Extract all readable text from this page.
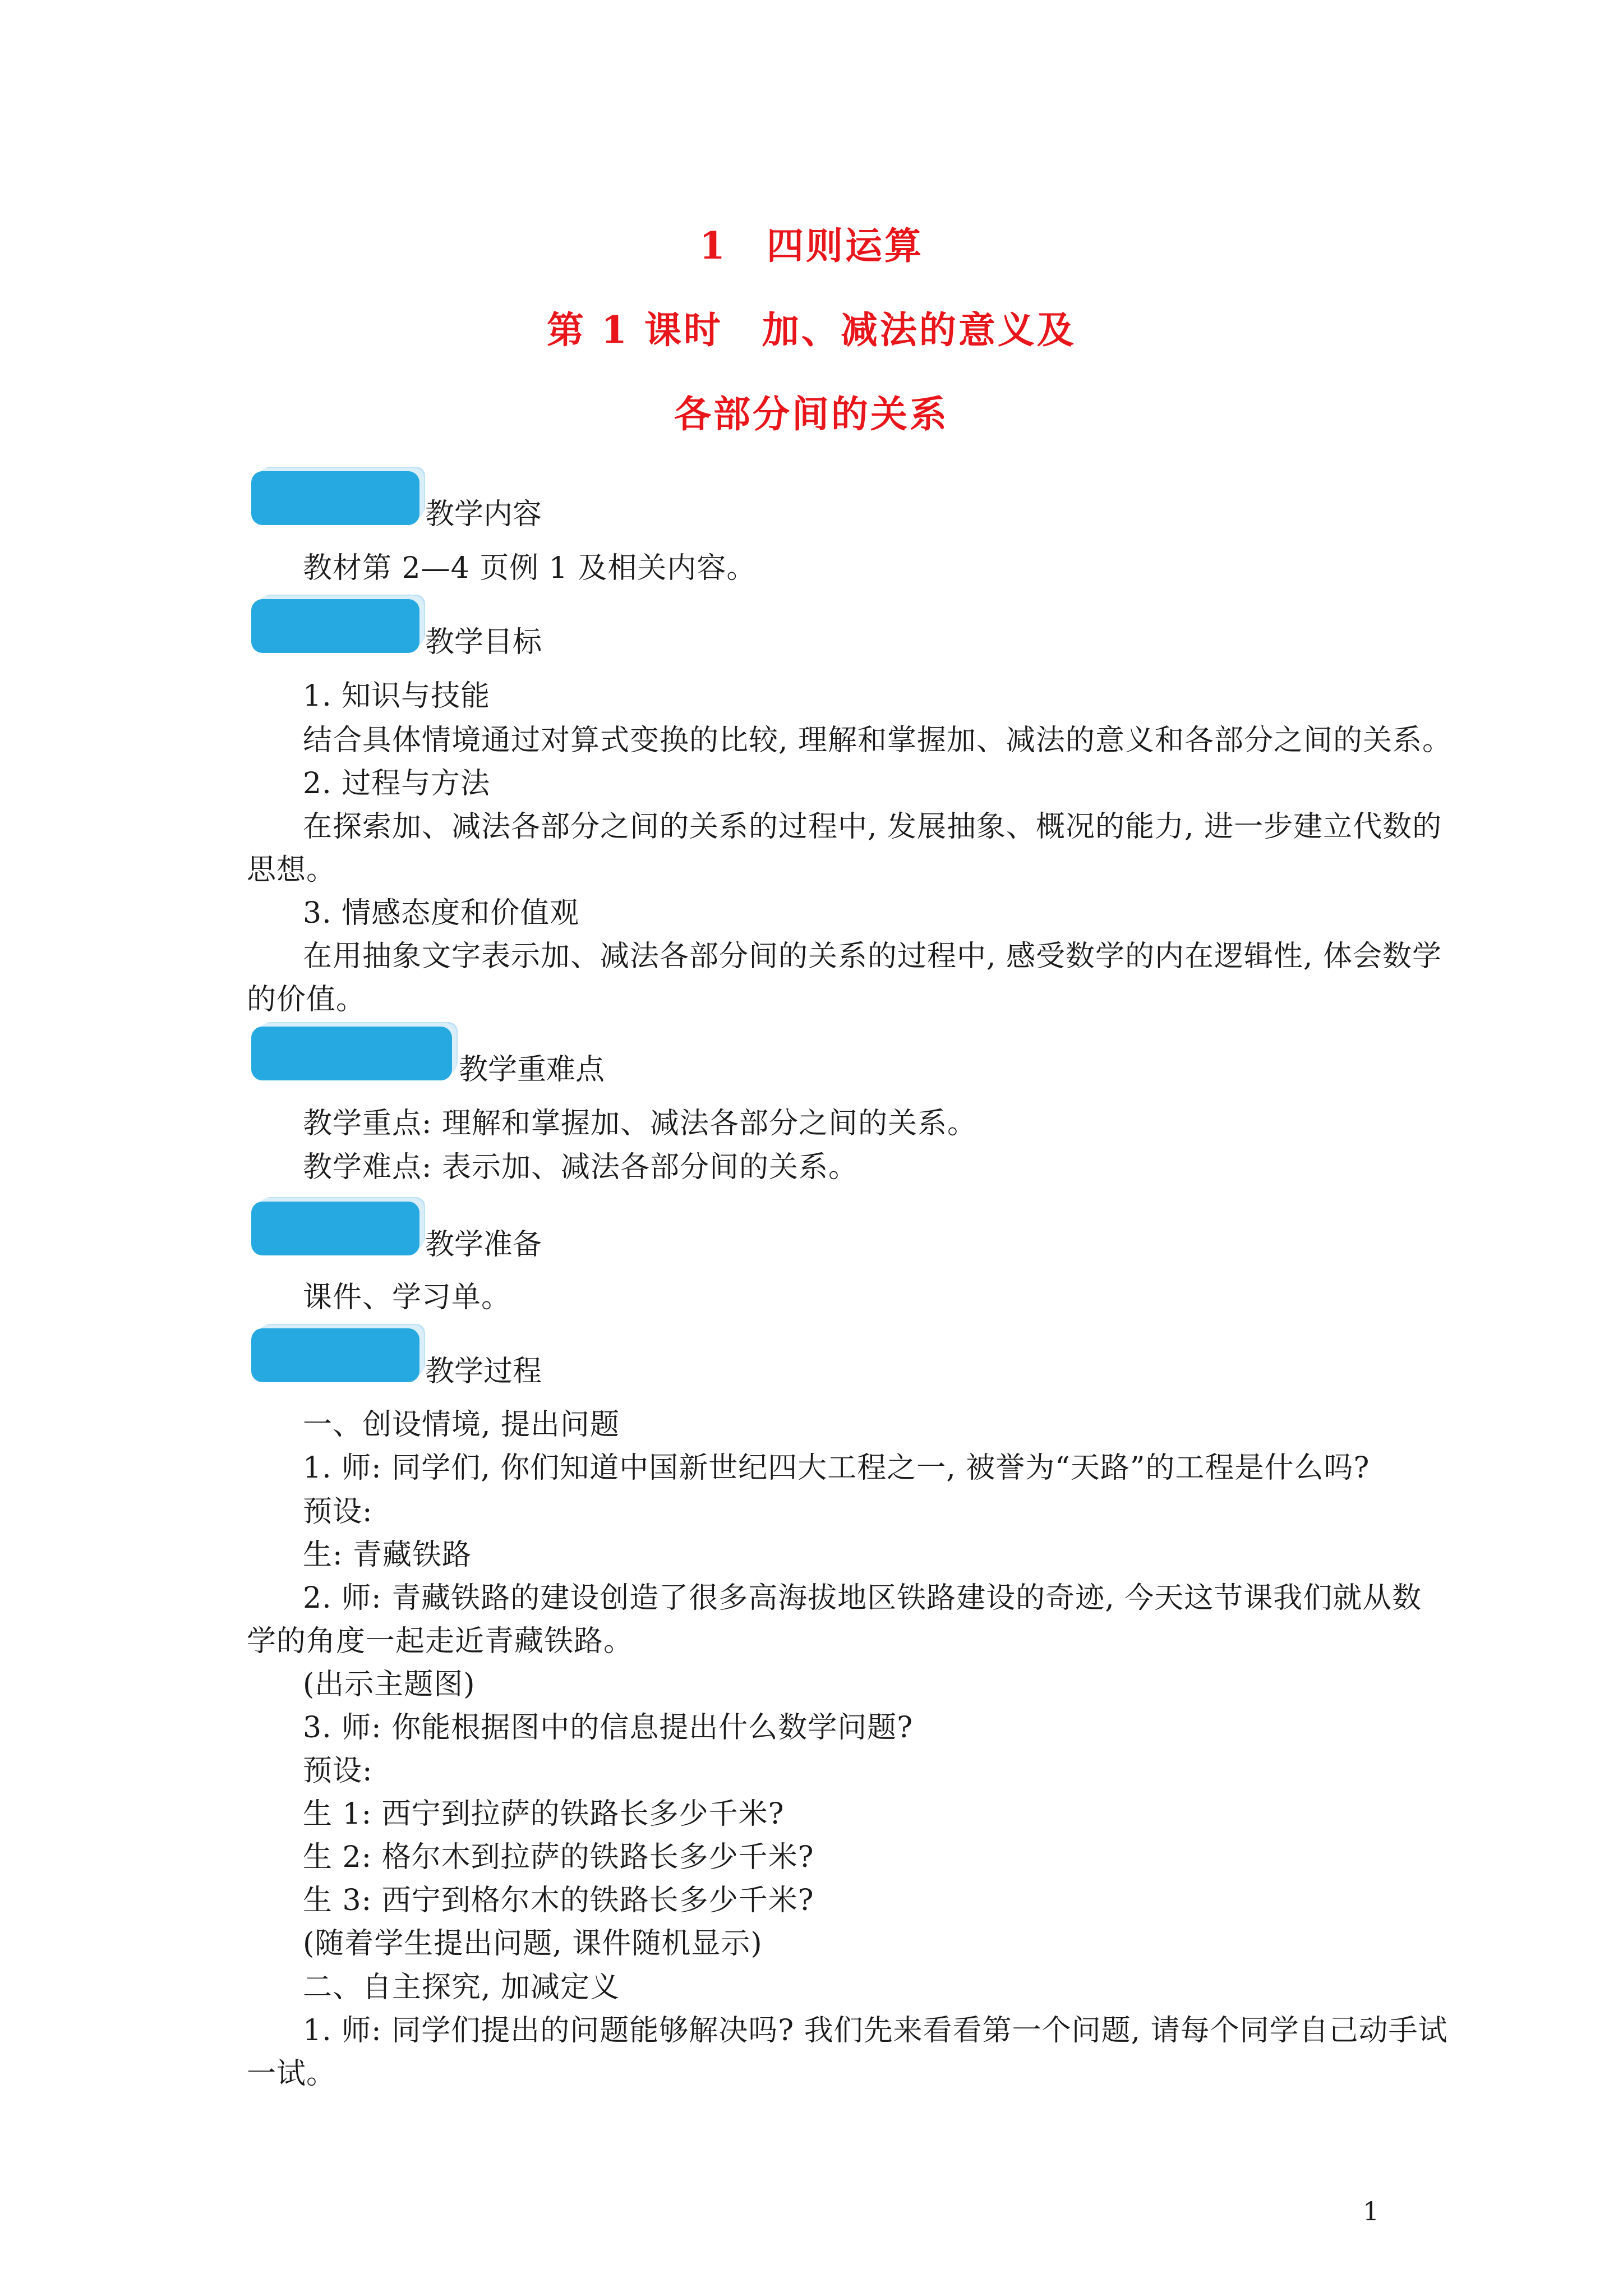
1　四则运算
第 1 课时　加、减法的意义及
各部分间的关系
教学内容
教材第 2—4 页例 1 及相关内容。
教学目标
1. 知识与技能
结合具体情境通过对算式变换的比较, 理解和掌握加、减法的意义和各部分之间的关系。
2. 过程与方法
在探索加、减法各部分之间的关系的过程中, 发展抽象、概况的能力, 进一步建立代数的
思想。
3. 情感态度和价值观
在用抽象文字表示加、减法各部分间的关系的过程中, 感受数学的内在逻辑性, 体会数学
的价值。
教学重难点
教学重点: 理解和掌握加、减法各部分之间的关系。
教学难点: 表示加、减法各部分间的关系。
教学准备
课件、学习单。
教学过程
一、创设情境, 提出问题
1. 师: 同学们, 你们知道中国新世纪四大工程之一, 被誉为“天路”的工程是什么吗?
预设:
生: 青藏铁路
2. 师: 青藏铁路的建设创造了很多高海拔地区铁路建设的奇迹, 今天这节课我们就从数
学的角度一起走近青藏铁路。
(出示主题图)
3. 师: 你能根据图中的信息提出什么数学问题?
预设:
生 1: 西宁到拉萨的铁路长多少千米?
生 2: 格尔木到拉萨的铁路长多少千米?
生 3: 西宁到格尔木的铁路长多少千米?
(随着学生提出问题, 课件随机显示)
二、自主探究, 加减定义
1. 师: 同学们提出的问题能够解决吗? 我们先来看看第一个问题, 请每个同学自己动手试
一试。
1
